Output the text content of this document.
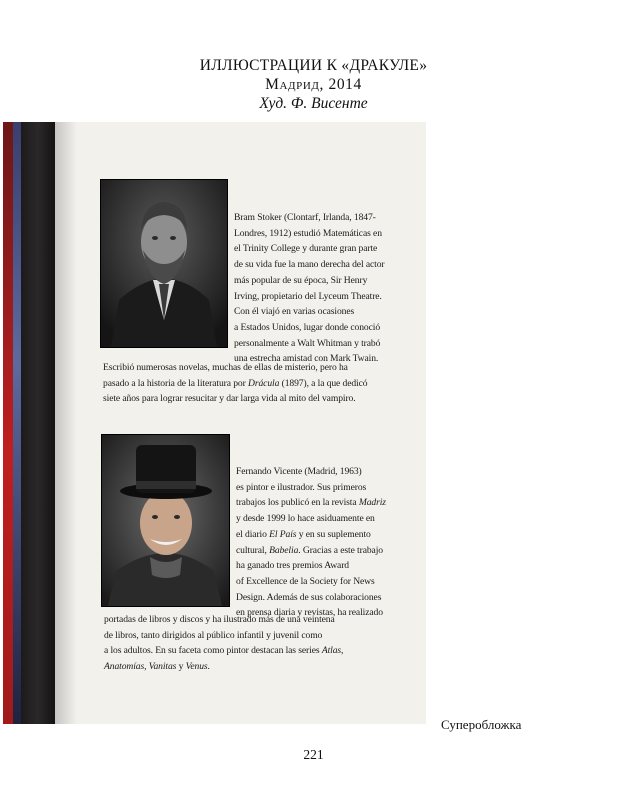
ИЛЛЮСТРАЦИИ К «ДРАКУЛЕ»
Мадрид, 2014
Худ. Ф. Висенте
Bram Stoker (Clontarf, Irlanda, 1847-
Londres, 1912) estudió Matemáticas en
el Trinity College y durante gran parte
de su vida fue la mano derecha del actor
más popular de su época, Sir Henry
Irving, propietario del Lyceum Theatre.
Con él viajó en varias ocasiones
a Estados Unidos, lugar donde conoció
personalmente a Walt Whitman y trabó
una estrecha amistad con Mark Twain.
Escribió numerosas novelas, muchas de ellas de misterio, pero ha
pasado a la historia de la literatura por Drácula (1897), a la que dedicó
siete años para lograr resucitar y dar larga vida al mito del vampiro.
Fernando Vicente (Madrid, 1963)
es pintor e ilustrador. Sus primeros
trabajos los publicó en la revista Madriz
y desde 1999 lo hace asiduamente en
el diario El País y en su suplemento
cultural, Babelia. Gracias a este trabajo
ha ganado tres premios Award
of Excellence de la Society for News
Design. Además de sus colaboraciones
en prensa diaria y revistas, ha realizado
portadas de libros y discos y ha ilustrado más de una veintena
de libros, tanto dirigidos al público infantil y juvenil como
a los adultos. En su faceta como pintor destacan las series Atlas,
Anatomías, Vanitas y Venus.
Суперобложка
221
